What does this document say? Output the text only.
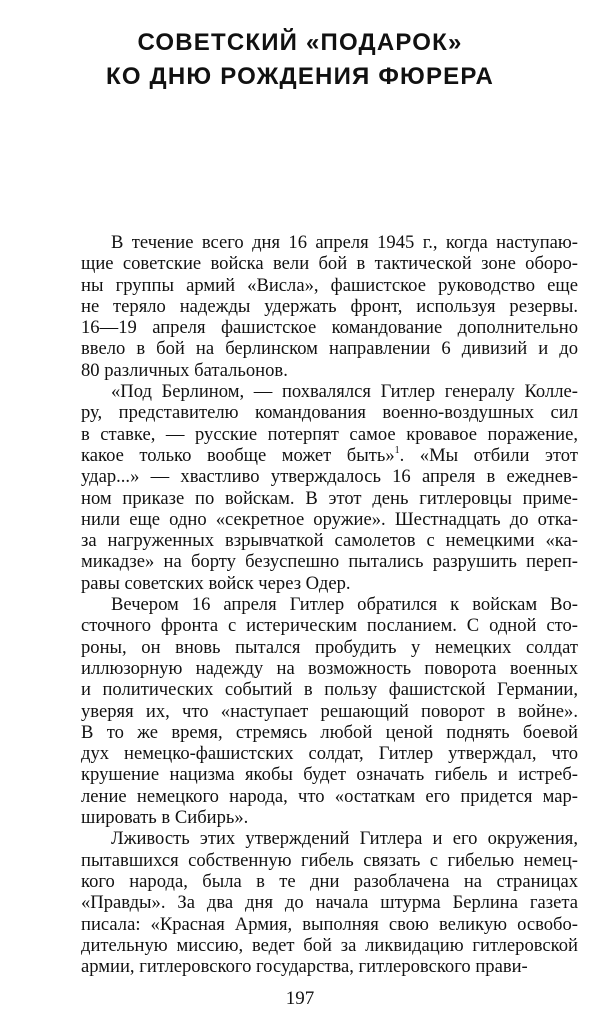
СОВЕТСКИЙ «ПОДАРОК»
КО ДНЮ РОЖДЕНИЯ ФЮРЕРА
В течение всего дня 16 апреля 1945 г., когда наступаю-
щие советские войска вели бой в тактической зоне оборо-
ны группы армий «Висла», фашистское руководство еще
не теряло надежды удержать фронт, используя резервы.
16—19 апреля фашистское командование дополнительно
ввело в бой на берлинском направлении 6 дивизий и до
80 различных батальонов.
«Под Берлином, — похвалялся Гитлер генералу Колле-
ру, представителю командования военно-воздушных сил
в ставке, — русские потерпят самое кровавое поражение,
какое только вообще может быть»$^1$. «Мы отбили этот
удар...» — хвастливо утверждалось 16 апреля в ежеднев-
ном приказе по войскам. В этот день гитлеровцы приме-
нили еще одно «секретное оружие». Шестнадцать до отка-
за нагруженных взрывчаткой самолетов с немецкими «ка-
микадзе» на борту безуспешно пытались разрушить переп-
равы советских войск через Одер.
Вечером 16 апреля Гитлер обратился к войскам Во-
сточного фронта с истерическим посланием. С одной сто-
роны, он вновь пытался пробудить у немецких солдат
иллюзорную надежду на возможность поворота военных
и политических событий в пользу фашистской Германии,
уверяя их, что «наступает решающий поворот в войне».
В то же время, стремясь любой ценой поднять боевой
дух немецко-фашистских солдат, Гитлер утверждал, что
крушение нацизма якобы будет означать гибель и истреб-
ление немецкого народа, что «остаткам его придется мар-
шировать в Сибирь».
Лживость этих утверждений Гитлера и его окружения,
пытавшихся собственную гибель связать с гибелью немец-
кого народа, была в те дни разоблачена на страницах
«Правды». За два дня до начала штурма Берлина газета
писала: «Красная Армия, выполняя свою великую освобо-
дительную миссию, ведет бой за ликвидацию гитлеровской
армии, гитлеровского государства, гитлеровского прави-
197
